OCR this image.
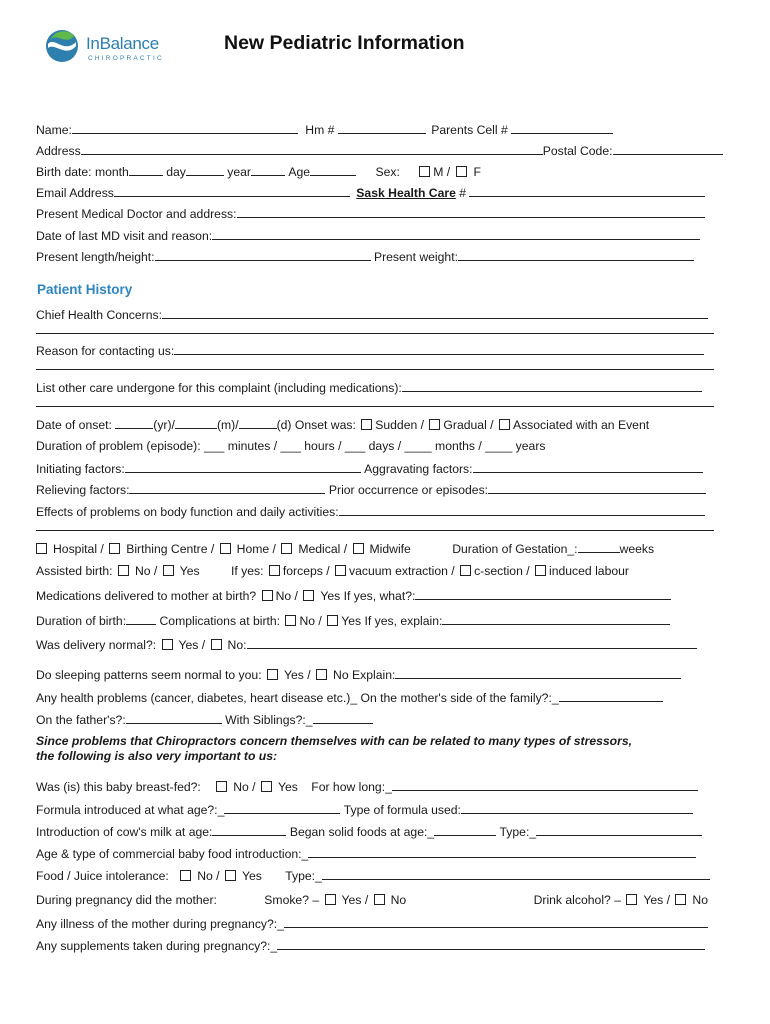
InBalance
CHIROPRACTIC
New Pediatric Information
Name:	Hm #	Parents Cell #
Address	Postal Code:
Birth date: month	day	year	Age	Sex:	M / F
Email Address	Sask Health Care #
Present Medical Doctor and address:
Date of last MD visit and reason:
Present length/height:	Present weight:
Patient History
Chief Health Concerns:
Reason for contacting us:
List other care undergone for this complaint (including medications):
Date of onset:	(yr)/	(m)/	(d) Onset was: Sudden / Gradual / Associated with an Event
Duration of problem (episode): ___ minutes / ___ hours / ___ days / ____ months / ____ years
Initiating factors:	Aggravating factors:
Relieving factors:	Prior occurrence or episodes:
Effects of problems on body function and daily activities:
Hospital / Birthing Centre / Home / Medical / Midwife	Duration of Gestation_:	weeks
Assisted birth: No / Yes	If yes: forceps / vacuum extraction / c-section / induced labour
Medications delivered to mother at birth? No / Yes If yes, what?:
Duration of birth:	Complications at birth: No / Yes If yes, explain:
Was delivery normal?: Yes / No:
Do sleeping patterns seem normal to you: Yes / No Explain:
Any health problems (cancer, diabetes, heart disease etc.)_ On the mother's side of the family?:_
On the father's?:	With Siblings?:_
Since problems that Chiropractors concern themselves with can be related to many types of stressors,
the following is also very important to us:
Was (is) this baby breast-fed?:	No / Yes For how long:_
Formula introduced at what age?:_	Type of formula used:
Introduction of cow's milk at age:	Began solid foods at age:_	Type:_
Age & type of commercial baby food introduction:_
Food / Juice intolerance: No / Yes Type:_
During pregnancy did the mother:	Smoke? – Yes / No	Drink alcohol? – Yes / No
Any illness of the mother during pregnancy?:_
Any supplements taken during pregnancy?:_
